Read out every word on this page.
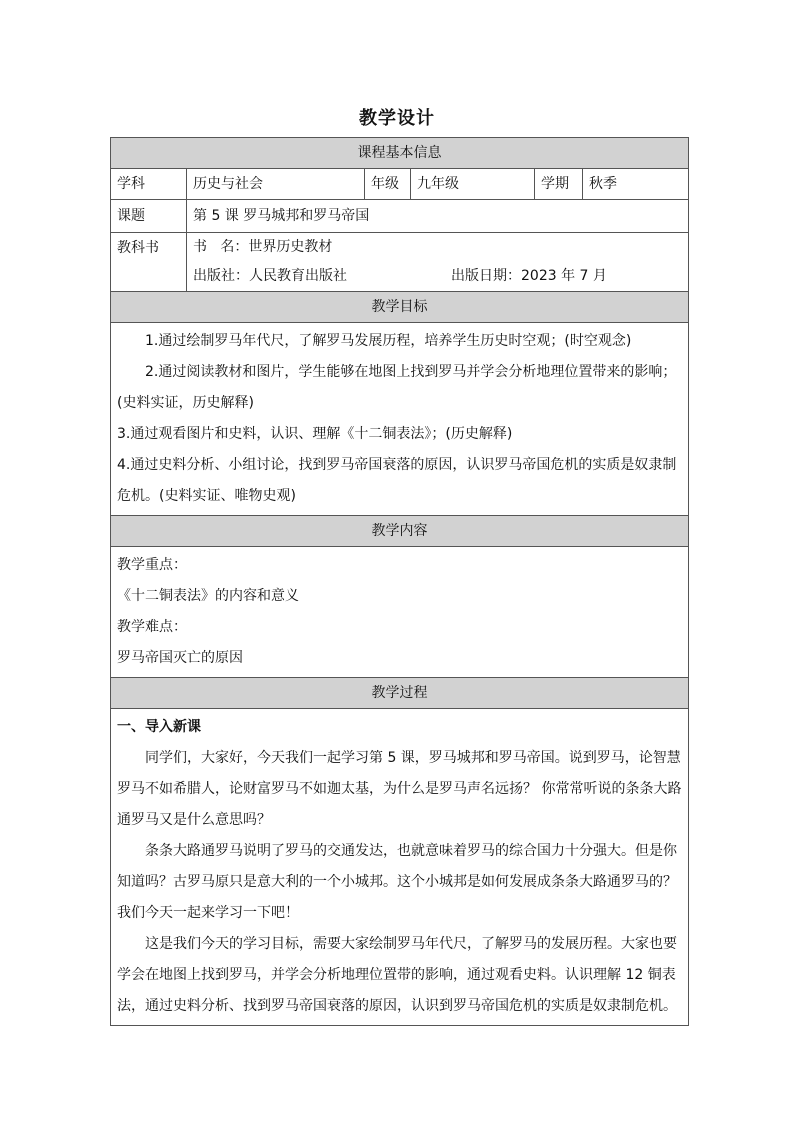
教学设计
课程基本信息					
学科	历史与社会	年级	九年级	学期	秋季
课题	第 5 课 罗马城邦和罗马帝国				
教科书	书   名：世界历史教材				
	出版社：人民教育出版社 出版日期：2023 年 7 月				
教学目标					

1.通过绘制罗马年代尺，了解罗马发展历程，培养学生历史时空观；(时空观念)

2.通过阅读教材和图片，学生能够在地图上找到罗马并学会分析地理位置带来的影响；(史料实证，历史解释)

3.通过观看图片和史料，认识、理解《十二铜表法》；(历史解释)

4.通过史料分析、小组讨论，找到罗马帝国衰落的原因，认识罗马帝国危机的实质是奴隶制危机。(史料实证、唯物史观)					

教学内容					

教学重点：

《十二铜表法》的内容和意义

教学难点：

罗马帝国灭亡的原因					

教学过程					

一、导入新课

同学们，大家好，今天我们一起学习第 5 课，罗马城邦和罗马帝国。说到罗马，论智慧罗马不如希腊人，论财富罗马不如迦太基，为什么是罗马声名远扬？ 你常常听说的条条大路通罗马又是什么意思吗？

条条大路通罗马说明了罗马的交通发达，也就意味着罗马的综合国力十分强大。但是你知道吗？古罗马原只是意大利的一个小城邦。这个小城邦是如何发展成条条大路通罗马的？我们今天一起来学习一下吧！

这是我们今天的学习目标，需要大家绘制罗马年代尺，了解罗马的发展历程。大家也要学会在地图上找到罗马，并学会分析地理位置带的影响，通过观看史料。认识理解 12 铜表法，通过史料分析、找到罗马帝国衰落的原因，认识到罗马帝国危机的实质是奴隶制危机。					
